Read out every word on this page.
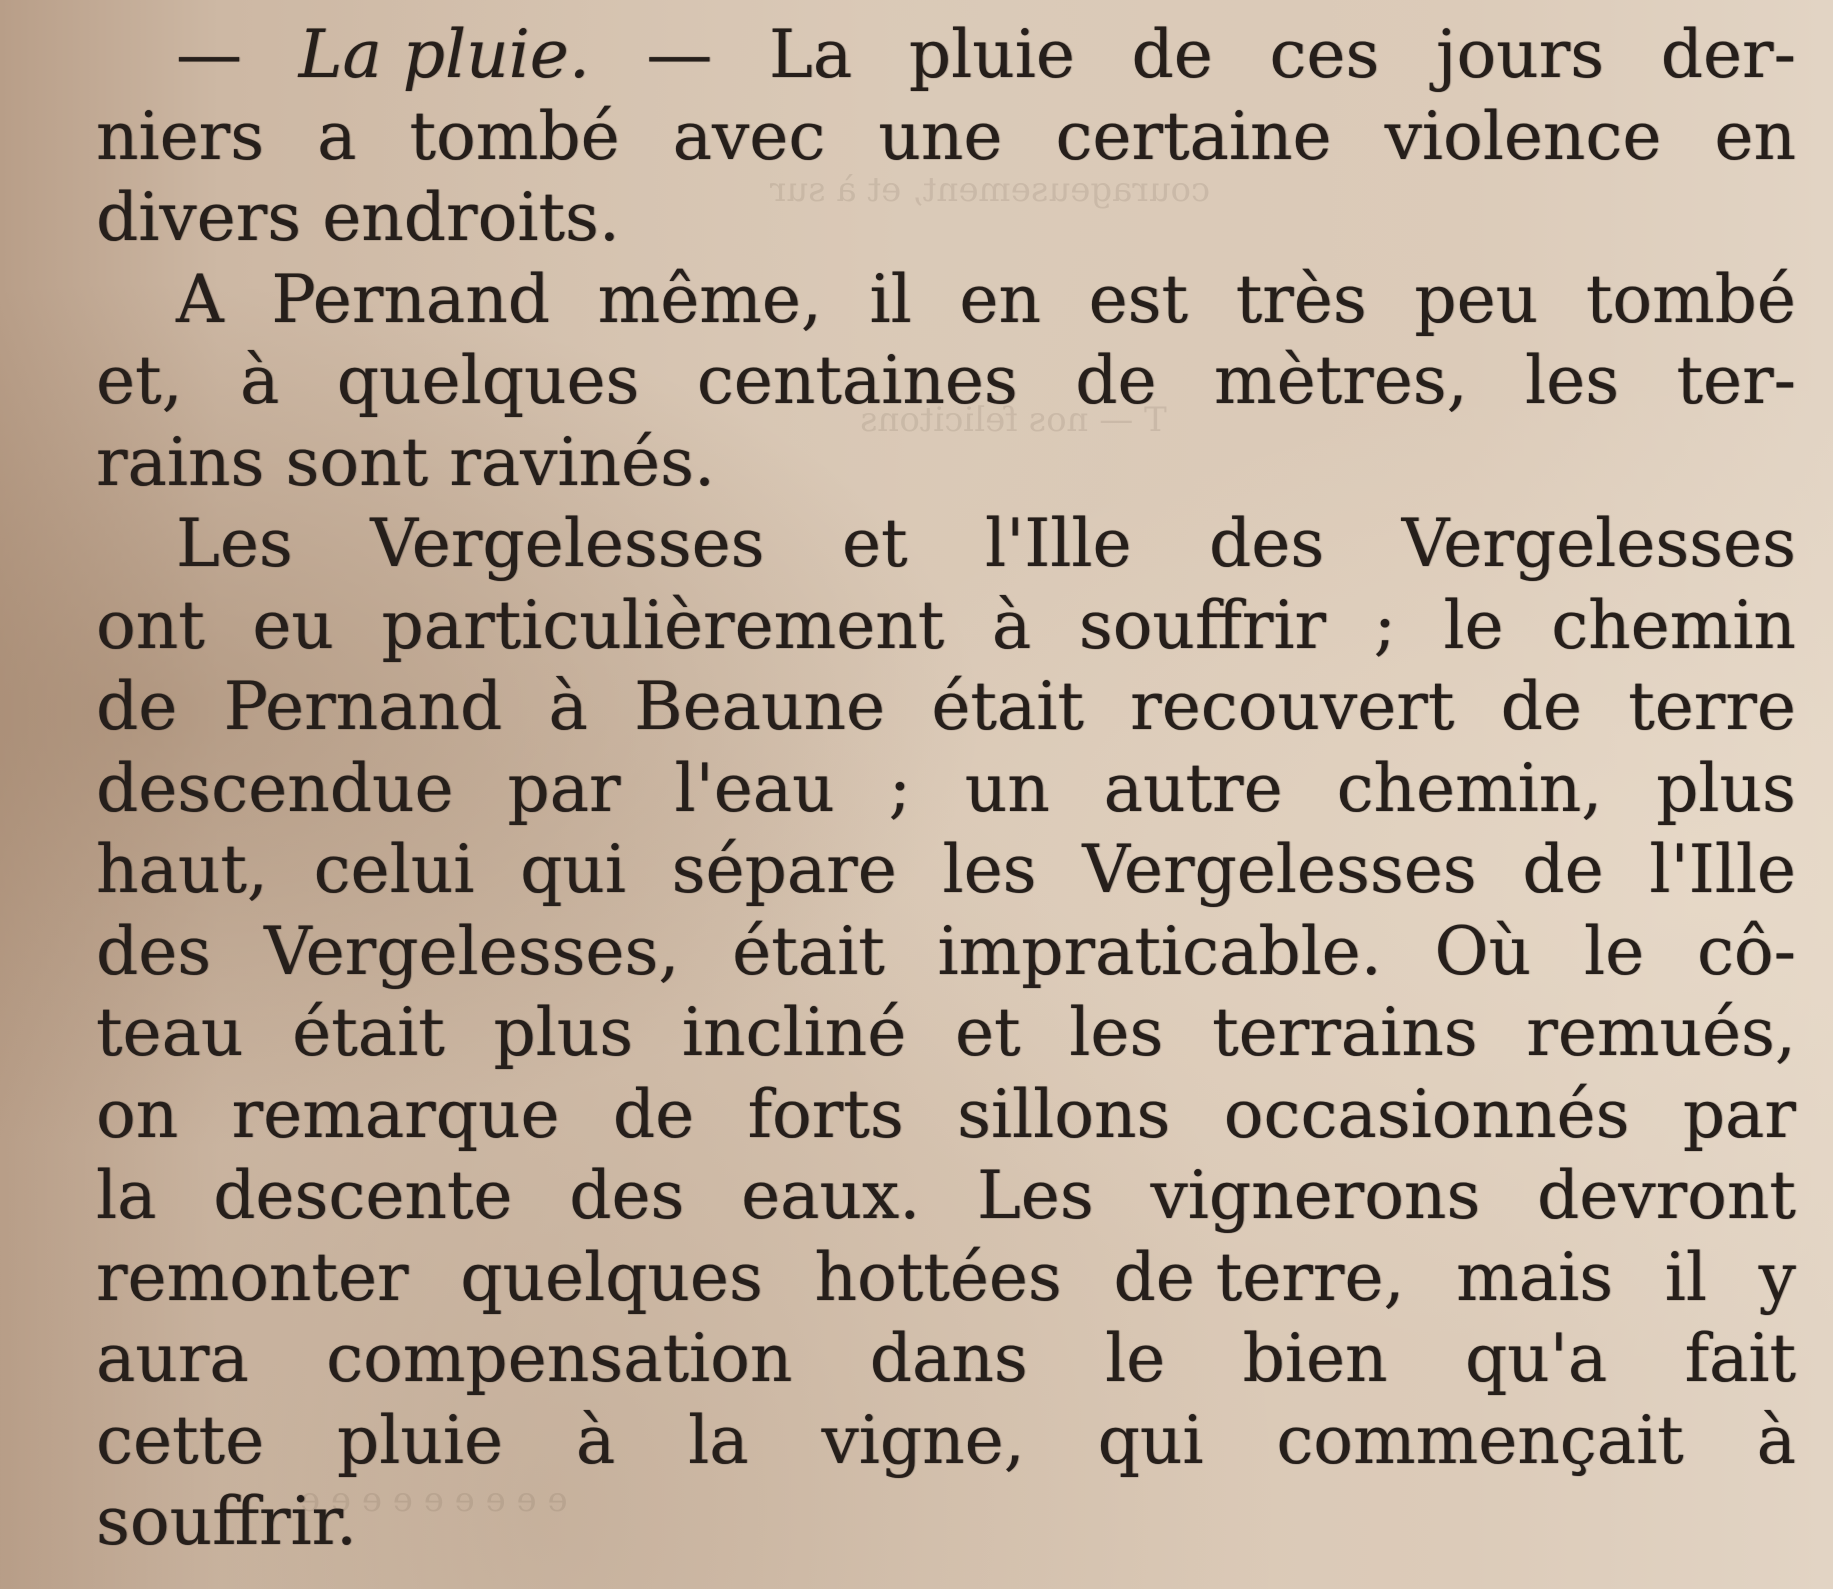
courageusement, et à sur
T — nos felicitons
e e e e e e e e e
— La pluie. — La pluie de ces jours der-
niers a tombé avec une certaine violence en
divers endroits.
A Pernand même, il en est très peu tombé
et, à quelques centaines de mètres, les ter-
rains sont ravinés.
Les Vergelesses et l'Ille des Vergelesses
ont eu particulièrement à souffrir ; le chemin
de Pernand à Beaune était recouvert de terre
descendue par l'eau ; un autre chemin, plus
haut, celui qui sépare les Vergelesses de l'Ille
des Vergelesses, était impraticable. Où le cô-
teau était plus incliné et les terrains remués,
on remarque de forts sillons occasionnés par
la descente des eaux. Les vignerons devront
remonter quelques hottées de terre, mais il y
aura compensation dans le bien qu'a fait
cette pluie à la vigne, qui commençait à
souffrir.
